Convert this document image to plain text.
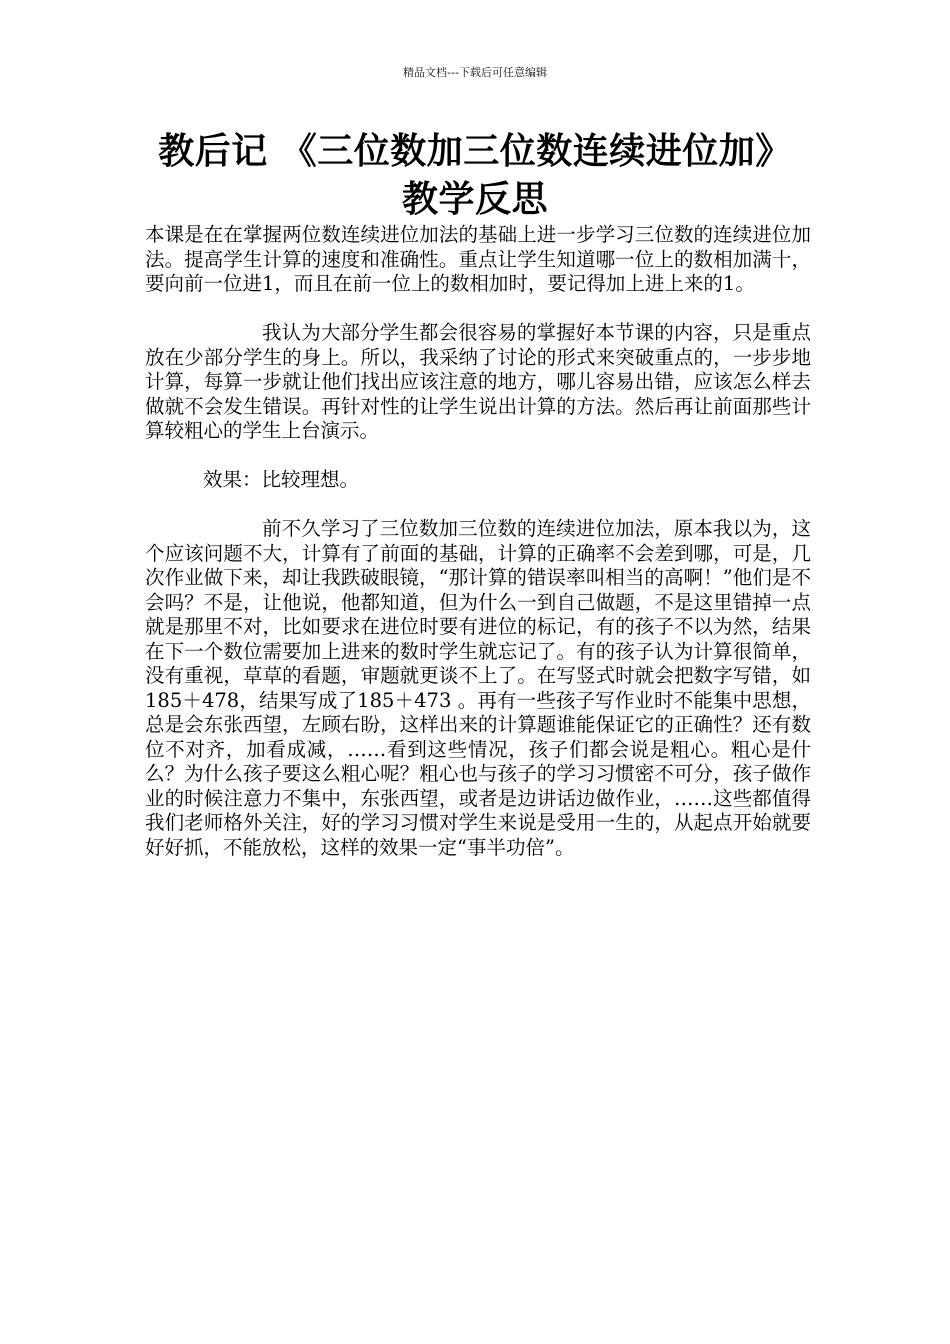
精品文档---下载后可任意编辑
教后记 《三位数加三位数连续进位加》教学反思

本课是在在掌握两位数连续进位加法的基础上进一步学习三位数的连续进位加法。提高学生计算的速度和准确性。重点让学生知道哪一位上的数相加满十，要向前一位进1，而且在前一位上的数相加时，要记得加上进上来的1。

我认为大部分学生都会很容易的掌握好本节课的内容，只是重点放在少部分学生的身上。所以，我采纳了讨论的形式来突破重点的，一步步地计算，每算一步就让他们找出应该注意的地方，哪儿容易出错，应该怎么样去做就不会发生错误。再针对性的让学生说出计算的方法。然后再让前面那些计算较粗心的学生上台演示。

效果：比较理想。

前不久学习了三位数加三位数的连续进位加法，原本我以为，这个应该问题不大，计算有了前面的基础，计算的正确率不会差到哪，可是，几次作业做下来，却让我跌破眼镜，“那计算的错误率叫相当的高啊！”他们是不会吗？不是，让他说，他都知道，但为什么一到自己做题，不是这里错掉一点就是那里不对，比如要求在进位时要有进位的标记，有的孩子不以为然，结果在下一个数位需要加上进来的数时学生就忘记了。有的孩子认为计算很简单，没有重视，草草的看题，审题就更谈不上了。在写竖式时就会把数字写错，如185＋478，结果写成了185＋473 。再有一些孩子写作业时不能集中思想，总是会东张西望，左顾右盼，这样出来的计算题谁能保证它的正确性？还有数位不对齐，加看成减，……看到这些情况，孩子们都会说是粗心。粗心是什么？为什么孩子要这么粗心呢？粗心也与孩子的学习习惯密不可分，孩子做作业的时候注意力不集中，东张西望，或者是边讲话边做作业，……这些都值得我们老师格外关注，好的学习习惯对学生来说是受用一生的，从起点开始就要好好抓，不能放松，这样的效果一定“事半功倍”。
